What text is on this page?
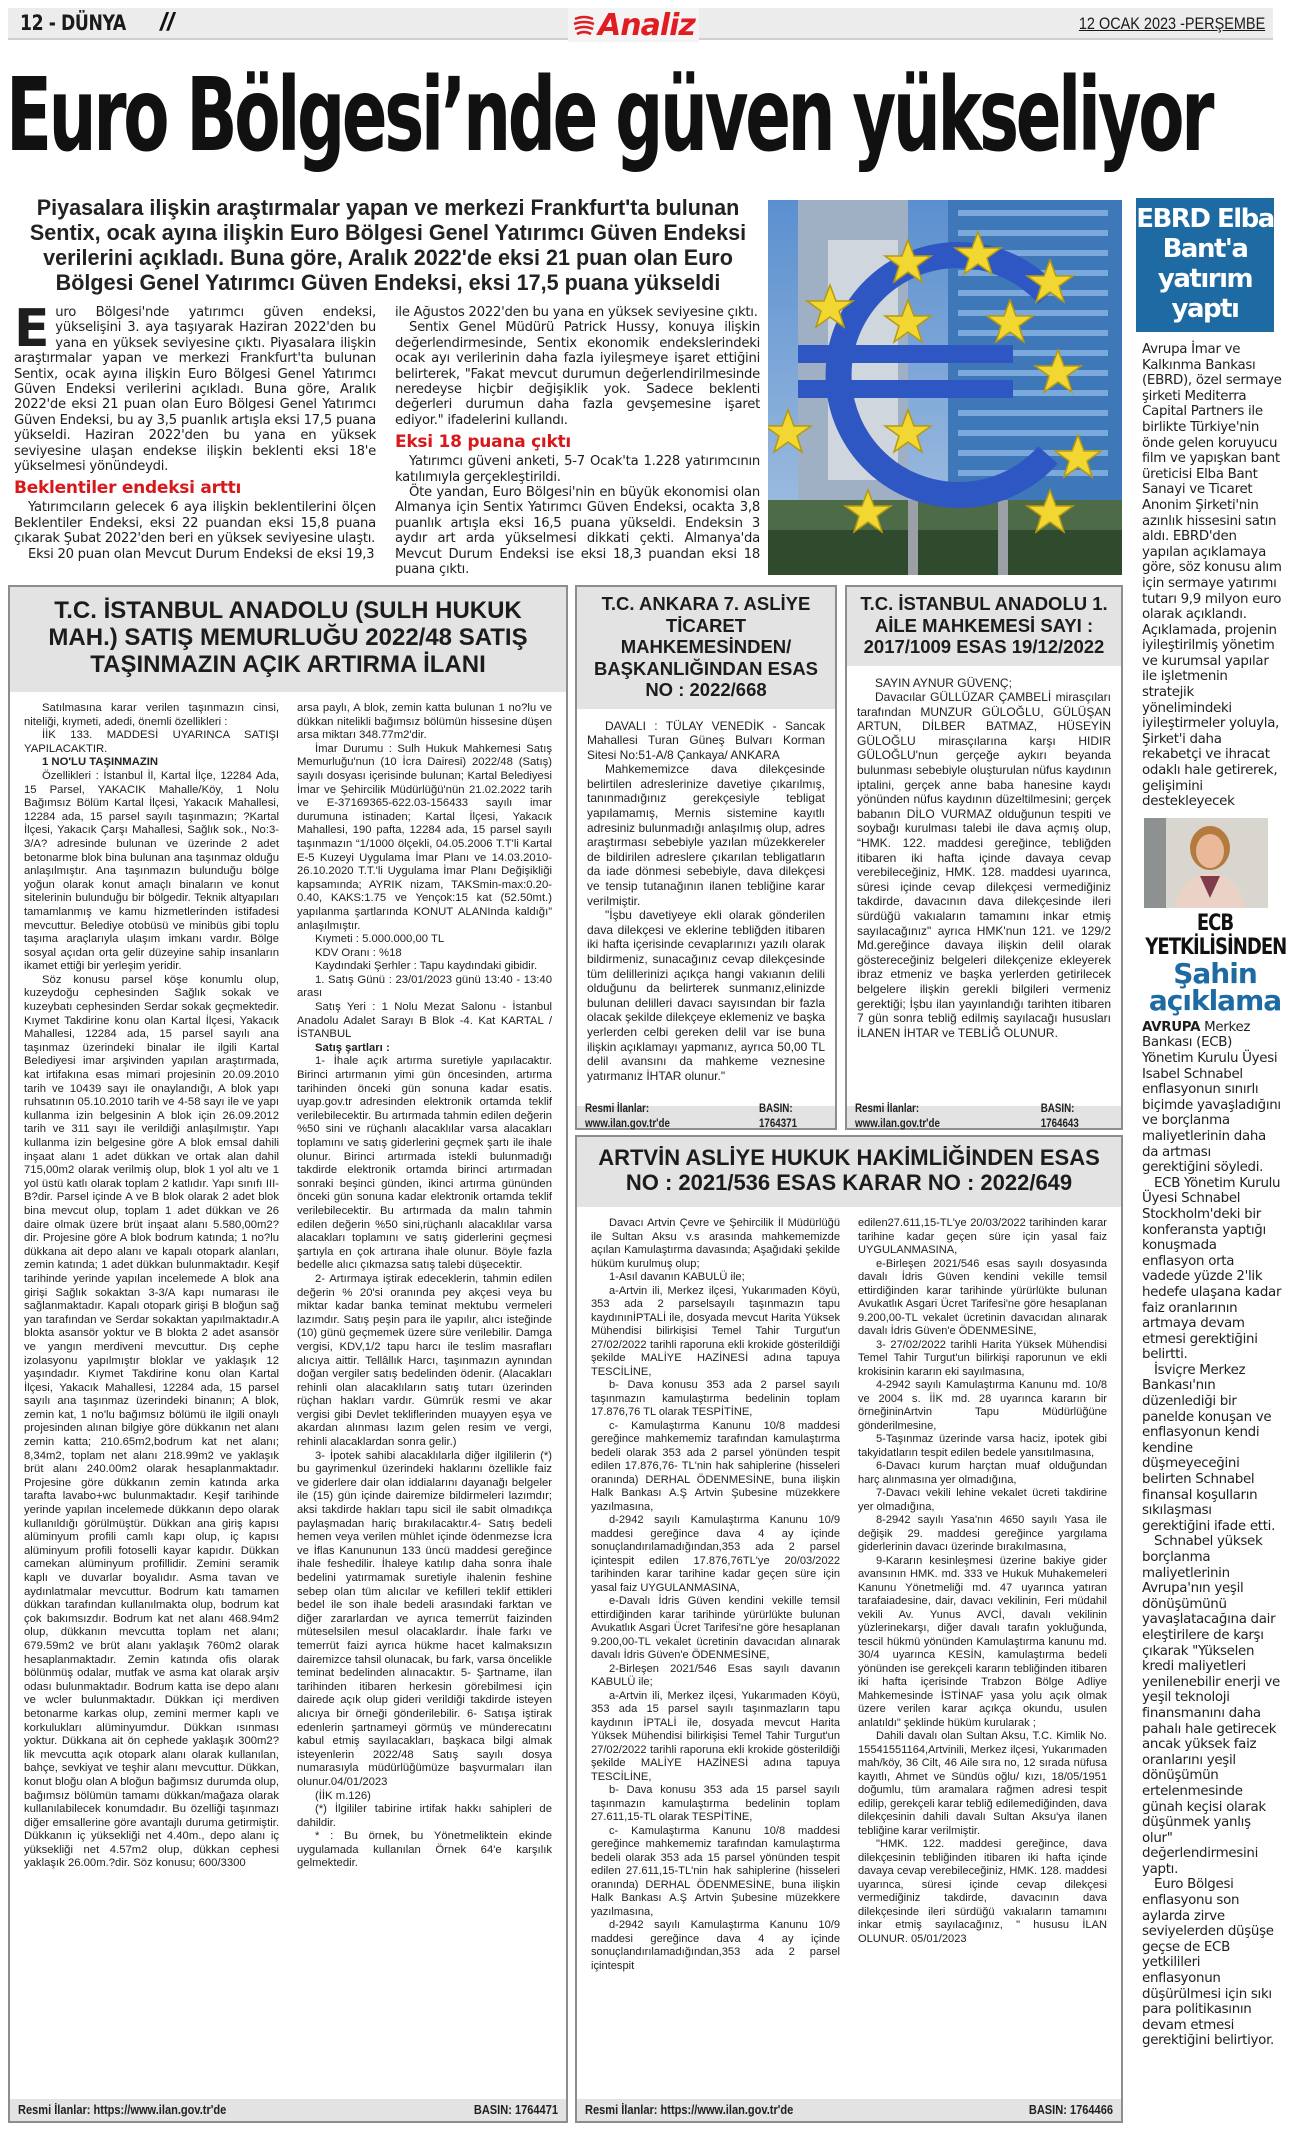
12 - DÜNYA //	Analiz	12 OCAK 2023 -PERŞEMBE
Euro Bölgesi’nde güven yükseliyor
Piyasalara ilişkin araştırmalar yapan ve merkezi Frankfurt'ta bulunan Sentix, ocak ayına ilişkin Euro Bölgesi Genel Yatırımcı Güven Endeksi verilerini açıkladı. Buna göre, Aralık 2022'de eksi 21 puan olan Euro Bölgesi Genel Yatırımcı Güven Endeksi, eksi 17,5 puana yükseldi

Euro Bölgesi'nde yatırımcı güven endeksi, yükselişini 3. aya taşıyarak Haziran 2022'den bu yana en yüksek seviyesine çıktı. Piyasalara ilişkin araştırmalar yapan ve merkezi Frankfurt'ta bulunan Sentix, ocak ayına ilişkin Euro Bölgesi Genel Yatırımcı Güven Endeksi verilerini açıkladı. Buna göre, Aralık 2022'de eksi 21 puan olan Euro Bölgesi Genel Yatırımcı Güven Endeksi, bu ay 3,5 puanlık artışla eksi 17,5 puana yükseldi. Haziran 2022'den bu yana en yüksek seviyesine ulaşan endekse ilişkin beklenti eksi 18'e yükselmesi yönündeydi.

Beklentiler endeksi arttı

Yatırımcıların gelecek 6 aya ilişkin beklentilerini ölçen Beklentiler Endeksi, eksi 22 puandan eksi 15,8 puana çıkarak Şubat 2022'den beri en yüksek seviyesine ulaştı.

Eksi 20 puan olan Mevcut Durum Endeksi de eksi 19,3

ile Ağustos 2022'den bu yana en yüksek seviyesine çıktı.

Sentix Genel Müdürü Patrick Hussy, konuya ilişkin değerlendirmesinde, Sentix ekonomik endekslerindeki ocak ayı verilerinin daha fazla iyileşmeye işaret ettiğini belirterek, "Fakat mevcut durumun değerlendirilmesinde neredeyse hiçbir değişiklik yok. Sadece beklenti değerleri durumun daha fazla gevşemesine işaret ediyor." ifadelerini kullandı.

Eksi 18 puana çıktı

Yatırımcı güveni anketi, 5-7 Ocak'ta 1.228 yatırımcının katılımıyla gerçekleştirildi.

Öte yandan, Euro Bölgesi'nin en büyük ekonomisi olan Almanya için Sentix Yatırımcı Güven Endeksi, ocakta 3,8 puanlık artışla eksi 16,5 puana yükseldi. Endeksin 3 aydır art arda yükselmesi dikkati çekti. Almanya'da Mevcut Durum Endeksi ise eksi 18,3 puandan eksi 18 puana çıktı.

EBRD Elba Bant'a yatırım yaptı

Avrupa İmar ve Kalkınma Bankası (EBRD), özel sermaye şirketi Mediterra Capital Partners ile birlikte Türkiye'nin önde gelen koruyucu film ve yapışkan bant üreticisi Elba Bant Sanayi ve Ticaret Anonim Şirketi'nin azınlık hissesini satın aldı. EBRD'den yapılan açıklamaya göre, söz konusu alım için sermaye yatırımı tutarı 9,9 milyon euro olarak açıklandı. Açıklamada, projenin iyileştirilmiş yönetim ve kurumsal yapılar ile işletmenin stratejik yönelimindeki iyileştirmeler yoluyla, Şirket'i daha rekabetçi ve ihracat odaklı hale getirerek, gelişimini destekleyecek

ECB YETKİLİSİNDEN
Şahin açıklama

AVRUPA Merkez Bankası (ECB) Yönetim Kurulu Üyesi Isabel Schnabel enflasyonun sınırlı biçimde yavaşladığını ve borçlanma maliyetlerinin daha da artması gerektiğini söyledi.

ECB Yönetim Kurulu Üyesi Schnabel Stockholm'deki bir konferansta yaptığı konuşmada enflasyon orta vadede yüzde 2'lik hedefe ulaşana kadar faiz oranlarının artmaya devam etmesi gerektiğini belirtti.

İsviçre Merkez Bankası'nın düzenlediği bir panelde konuşan ve enflasyonun kendi kendine düşmeyeceğini belirten Schnabel finansal koşulların sıkılaşması gerektiğini ifade etti.

Schnabel yüksek borçlanma maliyetlerinin Avrupa'nın yeşil dönüşümünü yavaşlatacağına dair eleştirilere de karşı çıkarak "Yükselen kredi maliyetleri yenilenebilir enerji ve yeşil teknoloji finansmanını daha pahalı hale getirecek ancak yüksek faiz oranlarını yeşil dönüşümün ertelenmesinde günah keçisi olarak düşünmek yanlış olur" değerlendirmesini yaptı.

Euro Bölgesi enflasyonu son aylarda zirve seviyelerden düşüşe geçse de ECB yetkilileri enflasyonun düşürülmesi için sıkı para politikasının devam etmesi gerektiğini belirtiyor.

T.C. İSTANBUL ANADOLU (SULH HUKUK MAH.) SATIŞ MEMURLUĞU 2022/48 SATIŞ TAŞINMAZIN AÇIK ARTIRMA İLANI

Satılmasına karar verilen taşınmazın cinsi, niteliği, kıymeti, adedi, önemli özellikleri :

İİK 133. MADDESİ UYARINCA SATIŞI YAPILACAKTIR.

1 NO'LU TAŞINMAZIN

Özellikleri : İstanbul İl, Kartal İlçe, 12284 Ada, 15 Parsel, YAKACIK Mahalle/Köy, 1 Nolu Bağımsız Bölüm Kartal İlçesi, Yakacık Mahallesi, 12284 ada, 15 parsel sayılı taşınmazın; ?Kartal İlçesi, Yakacık Çarşı Mahallesi, Sağlık sok., No:3-3/A? adresinde bulunan ve üzerinde 2 adet betonarme blok bina bulunan ana taşınmaz olduğu anlaşılmıştır. Ana taşınmazın bulunduğu bölge yoğun olarak konut amaçlı binaların ve konut sitelerinin bulunduğu bir bölgedir. Teknik altyapıları tamamlanmış ve kamu hizmetlerinden istifadesi mevcuttur. Belediye otobüsü ve minibüs gibi toplu taşıma araçlarıyla ulaşım imkanı vardır. Bölge sosyal açıdan orta gelir düzeyine sahip insanların ikamet ettiği bir yerleşim yeridir.

Söz konusu parsel köşe konumlu olup, kuzeydoğu cephesinden Sağlık sokak ve kuzeybatı cephesinden Serdar sokak geçmektedir. Kıymet Takdirine konu olan Kartal İlçesi, Yakacık Mahallesi, 12284 ada, 15 parsel sayılı ana taşınmaz üzerindeki binalar ile ilgili Kartal Belediyesi imar arşivinden yapılan araştırmada, kat irtifakına esas mimari projesinin 20.09.2010 tarih ve 10439 sayı ile onaylandığı, A blok yapı ruhsatının 05.10.2010 tarih ve 4-58 sayı ile ve yapı kullanma izin belgesinin A blok için 26.09.2012 tarih ve 311 sayı ile verildiği anlaşılmıştır. Yapı kullanma izin belgesine göre A blok emsal dahili inşaat alanı 1 adet dükkan ve ortak alan dahil 715,00m2 olarak verilmiş olup, blok 1 yol altı ve 1 yol üstü katlı olarak toplam 2 katlıdır. Yapı sınıfı III-B?dir. Parsel içinde A ve B blok olarak 2 adet blok bina mevcut olup, toplam 1 adet dükkan ve 26 daire olmak üzere brüt inşaat alanı 5.580,00m2?dir. Projesine göre A blok bodrum katında; 1 no?lu dükkana ait depo alanı ve kapalı otopark alanları, zemin katında; 1 adet dükkan bulunmaktadır. Keşif tarihinde yerinde yapılan incelemede A blok ana girişi Sağlık sokaktan 3-3/A kapı numarası ile sağlanmaktadır. Kapalı otopark girişi B bloğun sağ yan tarafından ve Serdar sokaktan yapılmaktadır.A blokta asansör yoktur ve B blokta 2 adet asansör ve yangın merdiveni mevcuttur. Dış cephe izolasyonu yapılmıştır bloklar ve yaklaşık 12 yaşındadır. Kıymet Takdirine konu olan Kartal İlçesi, Yakacık Mahallesi, 12284 ada, 15 parsel sayılı ana taşınmaz üzerindeki binanın; A blok, zemin kat, 1 no'lu bağımsız bölümü ile ilgili onaylı projesinden alınan bilgiye göre dükkanın net alanı zemin katta; 210.65m2,bodrum kat net alanı; 8,34m2, toplam net alanı 218.99m2 ve yaklaşık brüt alanı 240.00m2 olarak hesaplanmaktadır. Projesine göre dükkanın zemin katında arka tarafta lavabo+wc bulunmaktadır. Keşif tarihinde yerinde yapılan incelemede dükkanın depo olarak kullanıldığı görülmüştür. Dükkan ana giriş kapısı alüminyum profili camlı kapı olup, iç kapısı alüminyum profili fotoselli kayar kapıdır. Dükkan camekan alüminyum profillidir. Zemini seramik kaplı ve duvarlar boyalıdır. Asma tavan ve aydınlatmalar mevcuttur. Bodrum katı tamamen dükkan tarafından kullanılmakta olup, bodrum kat çok bakımsızdır. Bodrum kat net alanı 468.94m2 olup, dükkanın mevcutta toplam net alanı; 679.59m2 ve brüt alanı yaklaşık 760m2 olarak hesaplanmaktadır. Zemin katında ofis olarak bölünmüş odalar, mutfak ve asma kat olarak arşiv odası bulunmaktadır. Bodrum katta ise depo alanı ve wcler bulunmaktadır. Dükkan içi merdiven betonarme karkas olup, zemini mermer kaplı ve korkulukları alüminyumdur. Dükkan ısınması yoktur. Dükkana ait ön cephede yaklaşık 300m2?lik mevcutta açık otopark alanı olarak kullanılan, bahçe, sevkiyat ve teşhir alanı mevcuttur. Dükkan, konut bloğu olan A bloğun bağımsız durumda olup, bağımsız bölümün tamamı dükkan/mağaza olarak kullanılabilecek konumdadır. Bu özelliği taşınmazı diğer emsallerine göre avantajlı duruma getirmiştir. Dükkanın iç yüksekliği net 4.40m., depo alanı iç yüksekliği net 4.57m2 olup, dükkan cephesi yaklaşık 26.00m.?dir. Söz konusu; 600/3300

arsa paylı, A blok, zemin katta bulunan 1 no?lu ve dükkan nitelikli bağımsız bölümün hissesine düşen arsa miktarı 348.77m2'dir.

İmar Durumu : Sulh Hukuk Mahkemesi Satış Memurluğu'nun (10 İcra Dairesi) 2022/48 (Satış) sayılı dosyası içerisinde bulunan; Kartal Belediyesi İmar ve Şehircilik Müdürlüğü'nün 21.02.2022 tarih ve E-37169365-622.03-156433 sayılı imar durumuna istinaden; Kartal İlçesi, Yakacık Mahallesi, 190 pafta, 12284 ada, 15 parsel sayılı taşınmazın “1/1000 ölçekli, 04.05.2006 T.T'li Kartal E-5 Kuzeyi Uygulama İmar Planı ve 14.03.2010-26.10.2020 T.T.'li Uygulama İmar Planı Değişikliği kapsamında; AYRIK nizam, TAKSmin-max:0.20-0.40, KAKS:1.75 ve Yençok:15 kat (52.50mt.) yapılanma şartlarında KONUT ALANInda kaldığı” anlaşılmıştır.

Kıymeti : 5.000.000,00 TL

KDV Oranı : %18

Kaydındaki Şerhler : Tapu kaydındaki gibidir.

1. Satış Günü : 23/01/2023 günü 13:40 - 13:40 arası

Satış Yeri : 1 Nolu Mezat Salonu - İstanbul Anadolu Adalet Sarayı B Blok -4. Kat KARTAL / İSTANBUL

Satış şartları :

1- İhale açık artırma suretiyle yapılacaktır. Birinci artırmanın yimi gün öncesinden, artırma tarihinden önceki gün sonuna kadar esatis. uyap.gov.tr adresinden elektronik ortamda teklif verilebilecektir. Bu artırmada tahmin edilen değerin %50 sini ve rüçhanlı alacaklılar varsa alacakları toplamını ve satış giderlerini geçmek şartı ile ihale olunur. Birinci artırmada istekli bulunmadığı takdirde elektronik ortamda birinci artırmadan sonraki beşinci günden, ikinci artırma gününden önceki gün sonuna kadar elektronik ortamda teklif verilebilecektir. Bu artırmada da malın tahmin edilen değerin %50 sini,rüçhanlı alacaklılar varsa alacakları toplamını ve satış giderlerini geçmesi şartıyla en çok artırana ihale olunur. Böyle fazla bedelle alıcı çıkmazsa satış talebi düşecektir.

2- Artırmaya iştirak edeceklerin, tahmin edilen değerin % 20'si oranında pey akçesi veya bu miktar kadar banka teminat mektubu vermeleri lazımdır. Satış peşin para ile yapılır, alıcı isteğinde (10) günü geçmemek üzere süre verilebilir. Damga vergisi, KDV,1/2 tapu harcı ile teslim masrafları alıcıya aittir. Tellâllık Harcı, taşınmazın aynından doğan vergiler satış bedelinden ödenir. (Alacakları rehinli olan alacaklıların satış tutarı üzerinden rüçhan hakları vardır. Gümrük resmi ve akar vergisi gibi Devlet tekliflerinden muayyen eşya ve akardan alınması lazım gelen resim ve vergi, rehinli alacaklardan sonra gelir.)

3- İpotek sahibi alacaklılarla diğer ilgililerin (*) bu gayrimenkul üzerindeki haklarını özellikle faiz ve giderlere dair olan iddialarını dayanağı belgeler ile (15) gün içinde dairemize bildirmeleri lazımdır; aksi takdirde hakları tapu sicil ile sabit olmadıkça paylaşmadan hariç bırakılacaktır.4- Satış bedeli hemen veya verilen mühlet içinde ödenmezse İcra ve İflas Kanununun 133 üncü maddesi gereğince ihale feshedilir. İhaleye katılıp daha sonra ihale bedelini yatırmamak suretiyle ihalenin feshine sebep olan tüm alıcılar ve kefilleri teklif ettikleri bedel ile son ihale bedeli arasındaki farktan ve diğer zararlardan ve ayrıca temerrüt faizinden müteselsilen mesul olacaklardır. İhale farkı ve temerrüt faizi ayrıca hükme hacet kalmaksızın dairemizce tahsil olunacak, bu fark, varsa öncelikle teminat bedelinden alınacaktır. 5- Şartname, ilan tarihinden itibaren herkesin görebilmesi için dairede açık olup gideri verildiği takdirde isteyen alıcıya bir örneği gönderilebilir. 6- Satışa iştirak edenlerin şartnameyi görmüş ve münderecatını kabul etmiş sayılacakları, başkaca bilgi almak isteyenlerin 2022/48 Satış sayılı dosya numarasıyla müdürlüğümüze başvurmaları ilan olunur.04/01/2023

(İİK m.126)

(*) İlgililer tabirine irtifak hakkı sahipleri de dahildir.

* : Bu örnek, bu Yönetmeliktein ekinde uygulamada kullanılan Örnek 64'e karşılık gelmektedir.

Resmi İlanlar: https://www.ilan.gov.tr'de	BASIN: 1764471
T.C. ANKARA 7. ASLİYE TİCARET MAHKEMESİNDEN/ BAŞKANLIĞINDAN ESAS NO : 2022/668

DAVALI : TÜLAY VENEDİK - Sancak Mahallesi Turan Güneş Bulvarı Korman Sitesi No:51-A/8 Çankaya/ ANKARA

Mahkememizce dava dilekçesinde belirtilen adreslerinize davetiye çıkarılmış, tanınmadığınız gerekçesiyle tebligat yapılamamış, Mernis sistemine kayıtlı adresiniz bulunmadığı anlaşılmış olup, adres araştırması sebebiyle yazılan müzekkereler de bildirilen adreslere çıkarılan tebligatların da iade dönmesi sebebiyle, dava dilekçesi ve tensip tutanağının ilanen tebliğine karar verilmiştir.

"İşbu davetiyeye ekli olarak gönderilen dava dilekçesi ve eklerine tebliğden itibaren iki hafta içerisinde cevaplarınızı yazılı olarak bildirmeniz, sunacağınız cevap dilekçesinde tüm delillerinizi açıkça hangi vakıanın delili olduğunu da belirterek sunmanız,elinizde bulunan delilleri davacı sayısından bir fazla olacak şekilde dilekçeye eklemeniz ve başka yerlerden celbi gereken delil var ise buna ilişkin açıklamayı yapmanız, ayrıca 50,00 TL delil avansını da mahkeme veznesine yatırmanız İHTAR olunur."

Resmi İlanlar: www.ilan.gov.tr'de
BASIN: 1764371
T.C. İSTANBUL ANADOLU 1. AİLE MAHKEMESİ SAYI : 2017/1009 ESAS 19/12/2022

SAYIN AYNUR GÜVENÇ;

Davacılar GÜLLÜZAR ÇAMBELİ mirasçıları tarafından MUNZUR GÜLOĞLU, GÜLÜŞAN ARTUN, DİLBER BATMAZ, HÜSEYİN GÜLOĞLU mirasçılarına karşı HIDIR GÜLOĞLU'nun gerçeğe aykırı beyanda bulunması sebebiyle oluşturulan nüfus kaydının iptalini, gerçek anne baba hanesine kaydı yönünden nüfus kaydının düzeltilmesini; gerçek babanın DİLO VURMAZ olduğunun tespiti ve soybağı kurulması talebi ile dava açmış olup, “HMK. 122. maddesi gereğince, tebliğden itibaren iki hafta içinde davaya cevap verebileceğiniz, HMK. 128. maddesi uyarınca, süresi içinde cevap dilekçesi vermediğiniz takdirde, davacının dava dilekçesinde ileri sürdüğü vakıaların tamamını inkar etmiş sayılacağınız" ayrıca HMK'nun 121. ve 129/2 Md.gereğince davaya ilişkin delil olarak göstereceğiniz belgeleri dilekçenize ekleyerek ibraz etmeniz ve başka yerlerden getirilecek belgelere ilişkin gerekli bilgileri vermeniz gerektiği; İşbu ilan yayınlandığı tarihten itibaren 7 gün sonra tebliğ edilmiş sayılacağı hususları İLANEN İHTAR ve TEBLİĞ OLUNUR.

Resmi İlanlar: www.ilan.gov.tr'de
BASIN: 1764643
ARTVİN ASLİYE HUKUK HAKİMLİĞİNDEN ESAS NO : 2021/536 ESAS KARAR NO : 2022/649

Davacı Artvin Çevre ve Şehircilik İl Müdürlüğü ile Sultan Aksu v.s arasında mahkememizde açılan Kamulaştırma davasında; Aşağıdaki şekilde hüküm kurulmuş olup;

1-Asıl davanın KABULÜ ile;

a-Artvin ili, Merkez ilçesi, Yukarımaden Köyü, 353 ada 2 parselsayılı taşınmazın tapu kaydınınİPTALİ ile, dosyada mevcut Harita Yüksek Mühendisi bilirkişisi Temel Tahir Turgut'un 27/02/2022 tarihli raporuna ekli krokide gösterildiği şekilde MALİYE HAZİNESİ adına tapuya TESCİLİNE,

b- Dava konusu 353 ada 2 parsel sayılı taşınmazın kamulaştırma bedelinin toplam 17.876,76 TL olarak TESPİTİNE,

c- Kamulaştırma Kanunu 10/8 maddesi gereğince mahkememiz tarafından kamulaştırma bedeli olarak 353 ada 2 parsel yönünden tespit edilen 17.876,76- TL'nin hak sahiplerine (hisseleri oranında) DERHAL ÖDENMESİNE, buna ilişkin Halk Bankası A.Ş Artvin Şubesine müzekkere yazılmasına,

d-2942 sayılı Kamulaştırma Kanunu 10/9 maddesi gereğince dava 4 ay içinde sonuçlandırılamadığından,353 ada 2 parsel içintespit edilen 17.876,76TL'ye 20/03/2022 tarihinden karar tarihine kadar geçen süre için yasal faiz UYGULANMASINA,

e-Davalı İdris Güven kendini vekille temsil ettirdiğinden karar tarihinde yürürlükte bulunan Avukatlık Asgari Ücret Tarifesi'ne göre hesaplanan 9.200,00-TL vekalet ücretinin davacıdan alınarak davalı İdris Güven'e ÖDENMESİNE,

2-Birleşen 2021/546 Esas sayılı davanın KABULÜ ile;

a-Artvin ili, Merkez ilçesi, Yukarımaden Köyü, 353 ada 15 parsel sayılı taşınmazların tapu kaydının İPTALİ ile, dosyada mevcut Harita Yüksek Mühendisi bilirkişisi Temel Tahir Turgut'un 27/02/2022 tarihli raporuna ekli krokide gösterildiği şekilde MALİYE HAZİNESİ adına tapuya TESCİLİNE,

b- Dava konusu 353 ada 15 parsel sayılı taşınmazın kamulaştırma bedelinin toplam 27.611,15-TL olarak TESPİTİNE,

c- Kamulaştırma Kanunu 10/8 maddesi gereğince mahkememiz tarafından kamulaştırma bedeli olarak 353 ada 15 parsel yönünden tespit edilen 27.611,15-TL'nin hak sahiplerine (hisseleri oranında) DERHAL ÖDENMESİNE, buna ilişkin Halk Bankası A.Ş Artvin Şubesine müzekkere yazılmasına,

d-2942 sayılı Kamulaştırma Kanunu 10/9 maddesi gereğince dava 4 ay içinde sonuçlandırılamadığından,353 ada 2 parsel içintespit

edilen27.611,15-TL'ye 20/03/2022 tarihinden karar tarihine kadar geçen süre için yasal faiz UYGULANMASINA,

e-Birleşen 2021/546 esas sayılı dosyasında davalı İdris Güven kendini vekille temsil ettirdiğinden karar tarihinde yürürlükte bulunan Avukatlık Asgari Ücret Tarifesi'ne göre hesaplanan 9.200,00-TL vekalet ücretinin davacıdan alınarak davalı İdris Güven'e ÖDENMESİNE,

3- 27/02/2022 tarihli Harita Yüksek Mühendisi Temel Tahir Turgut'un bilirkişi raporunun ve ekli krokisinin kararın eki sayılmasına,

4-2942 sayılı Kamulaştırma Kanunu md. 10/8 ve 2004 s. İİK md. 28 uyarınca kararın bir örneğininArtvin Tapu Müdürlüğüne gönderilmesine,

5-Taşınmaz üzerinde varsa haciz, ipotek gibi takyidatların tespit edilen bedele yansıtılmasına,

6-Davacı kurum harçtan muaf olduğundan harç alınmasına yer olmadığına,

7-Davacı vekili lehine vekalet ücreti takdirine yer olmadığına,

8-2942 sayılı Yasa'nın 4650 sayılı Yasa ile değişik 29. maddesi gereğince yargılama giderlerinin davacı üzerinde bırakılmasına,

9-Kararın kesinleşmesi üzerine bakiye gider avansının HMK. md. 333 ve Hukuk Muhakemeleri Kanunu Yönetmeliği md. 47 uyarınca yatıran tarafaiadesine, dair, davacı vekilinin, Feri müdahil vekili Av. Yunus AVCİ, davalı vekilinin yüzlerinekarşı, diğer davalı tarafın yokluğunda, tescil hükmü yönünden Kamulaştırma kanunu md. 30/4 uyarınca KESİN, kamulaştırma bedeli yönünden ise gerekçeli kararın tebliğinden itibaren iki hafta içerisinde Trabzon Bölge Adliye Mahkemesinde İSTİNAF yasa yolu açık olmak üzere verilen karar açıkça okundu, usulen anlatıldı" şeklinde hüküm kurularak ;

Dahili davalı olan Sultan Aksu, T.C. Kimlik No. 15541551164,Artvinili, Merkez ilçesi, Yukarımaden mah/köy, 36 Cilt, 46 Aile sıra no, 12 sırada nüfusa kayıtlı, Ahmet ve Sündüs oğlu/ kızı, 18/05/1951 doğumlu, tüm aramalara rağmen adresi tespit edilip, gerekçeli karar tebliğ edilemediğinden, dava dilekçesinin dahili davalı Sultan Aksu'ya ilanen tebliğine karar verilmiştir.

"HMK. 122. maddesi gereğince, dava dilekçesinin tebliğinden itibaren iki hafta içinde davaya cevap verebileceğiniz, HMK. 128. maddesi uyarınca, süresi içinde cevap dilekçesi vermediğiniz takdirde, davacının dava dilekçesinde ileri sürdüğü vakıaların tamamını inkar etmiş sayılacağınız, " hususu İLAN OLUNUR. 05/01/2023

Resmi İlanlar: https://www.ilan.gov.tr'de	BASIN: 1764466
